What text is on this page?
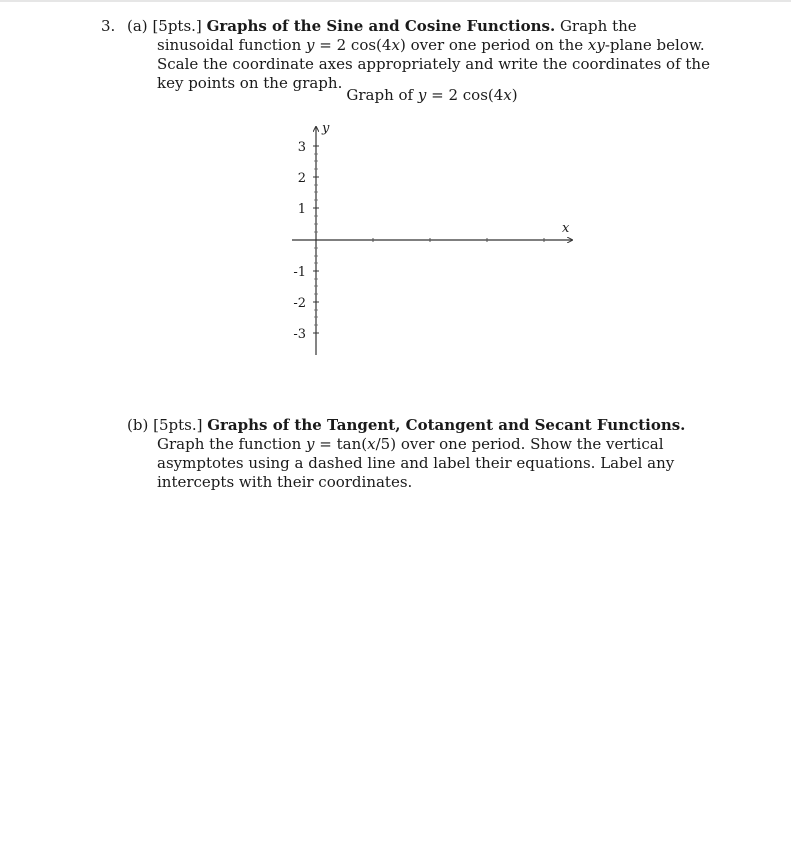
3. (a) [5pts.] Graphs of the Sine and Cosine Functions. Graph the sinusoidal function y = 2 cos(4x) over one period on the xy-plane below. Scale the coordinate axes appropriately and write the coordinates of the key points on the graph.
Graph of y = 2 cos(4x)
3
2
1
-1
-2
-3
y
x
(b) [5pts.] Graphs of the Tangent, Cotangent and Secant Functions. Graph the function y = tan(x/5) over one period. Show the vertical asymptotes using a dashed line and label their equations. Label any intercepts with their coordinates.
